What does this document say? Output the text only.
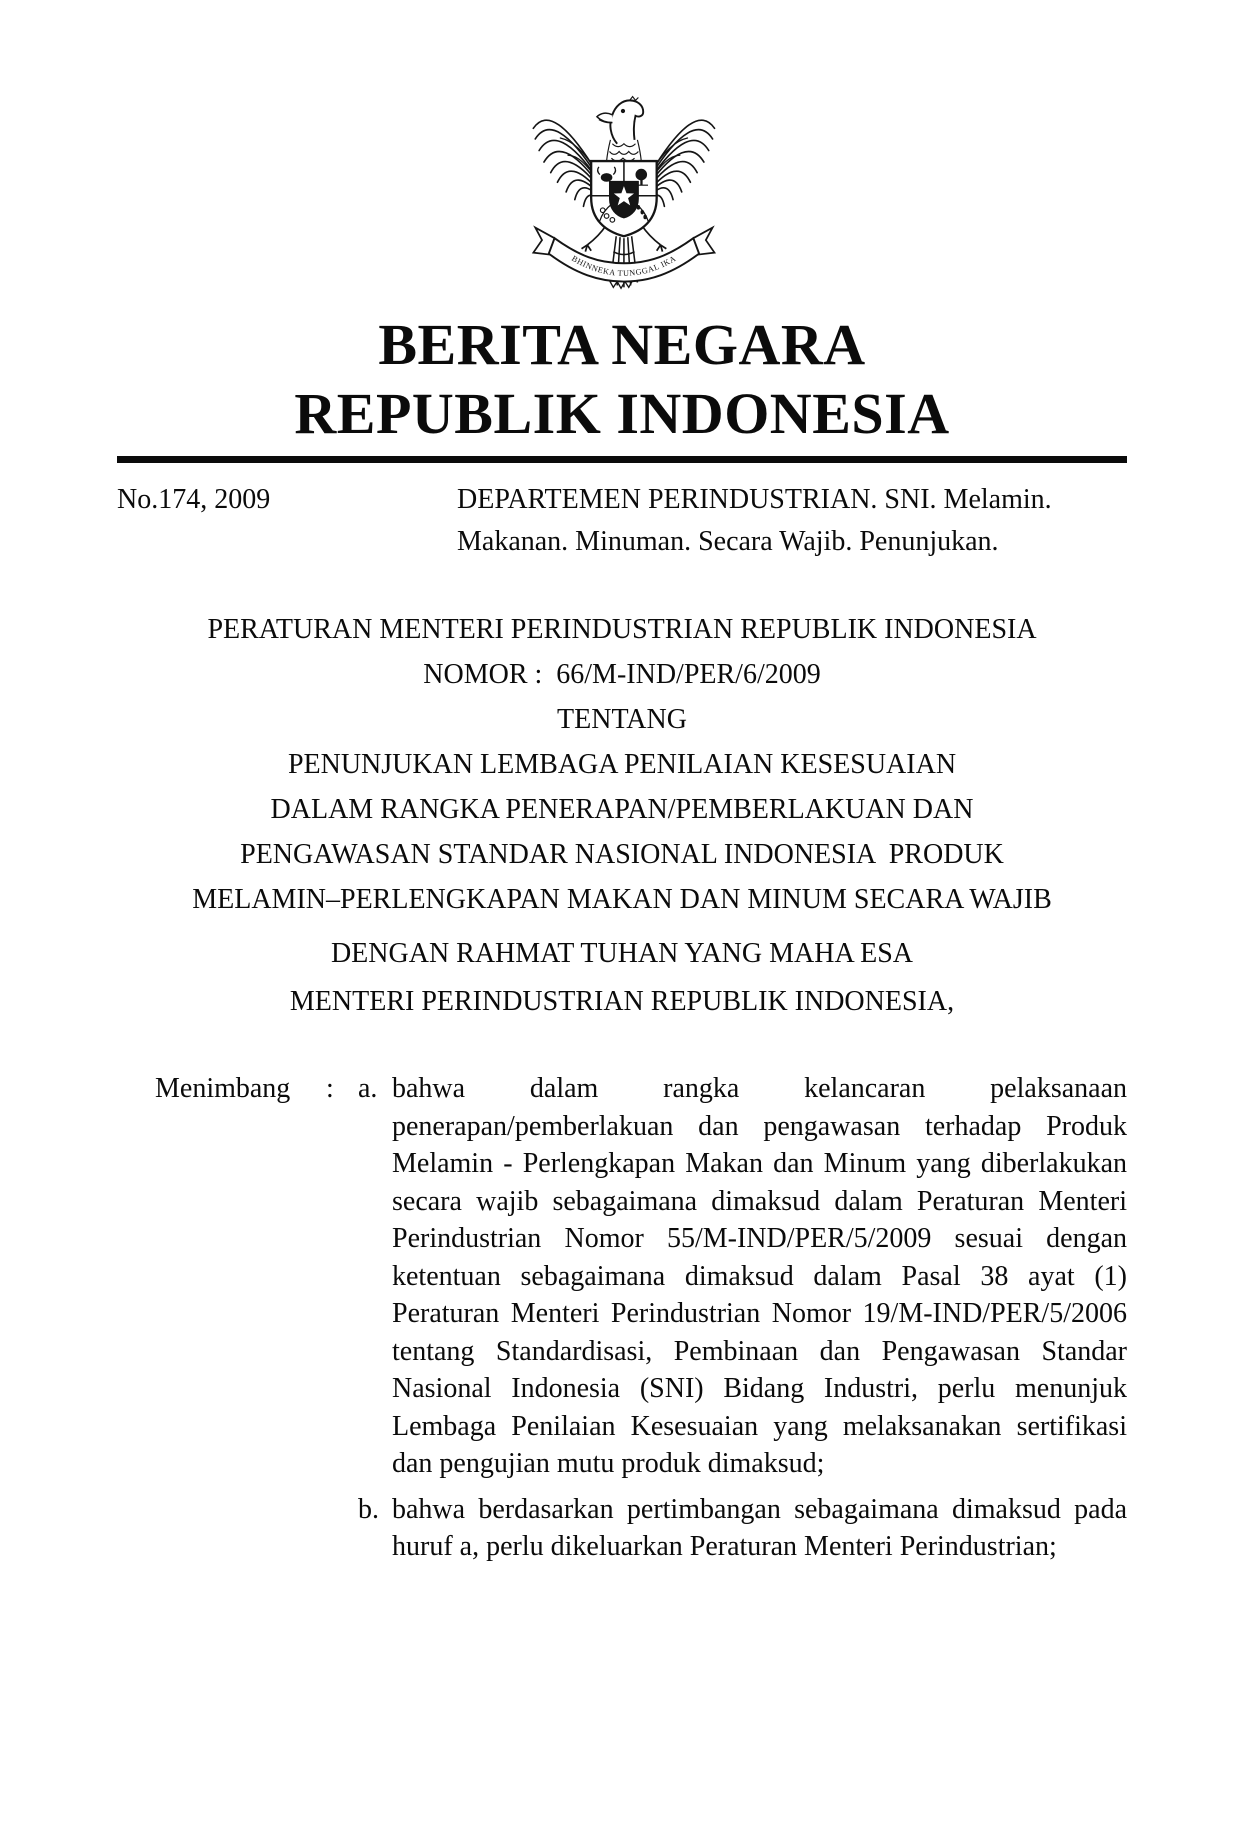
BHINNEKA TUNGGAL IKA
BERITA NEGARA
REPUBLIK INDONESIA
No.174, 2009	DEPARTEMEN PERINDUSTRIAN. SNI. Melamin. Makanan. Minuman. Secara Wajib. Penunjukan.
PERATURAN MENTERI PERINDUSTRIAN REPUBLIK INDONESIA
NOMOR :  66/M-IND/PER/6/2009
TENTANG
PENUNJUKAN LEMBAGA PENILAIAN KESESUAIAN
DALAM RANGKA PENERAPAN/PEMBERLAKUAN DAN
PENGAWASAN STANDAR NASIONAL INDONESIA  PRODUK
MELAMIN–PERLENGKAPAN MAKAN DAN MINUM SECARA WAJIB
DENGAN RAHMAT TUHAN YANG MAHA ESA
MENTERI PERINDUSTRIAN REPUBLIK INDONESIA,
Menimbang	: a. bahwa dalam rangka kelancaran pelaksanaan penerapan/pemberlakuan dan pengawasan terhadap Produk Melamin - Perlengkapan Makan dan Minum yang diberlakukan secara wajib sebagaimana dimaksud dalam Peraturan Menteri Perindustrian Nomor 55/M-IND/PER/5/2009 sesuai dengan ketentuan sebagaimana dimaksud dalam Pasal 38 ayat (1) Peraturan Menteri Perindustrian Nomor 19/M-IND/PER/5/2006 tentang Standardisasi, Pembinaan dan Pengawasan Standar Nasional Indonesia (SNI) Bidang Industri, perlu menunjuk Lembaga Penilaian Kesesuaian yang melaksanakan sertifikasi dan pengujian mutu produk dimaksud;
b. bahwa berdasarkan pertimbangan sebagaimana dimaksud pada huruf a, perlu dikeluarkan Peraturan Menteri Perindustrian;
